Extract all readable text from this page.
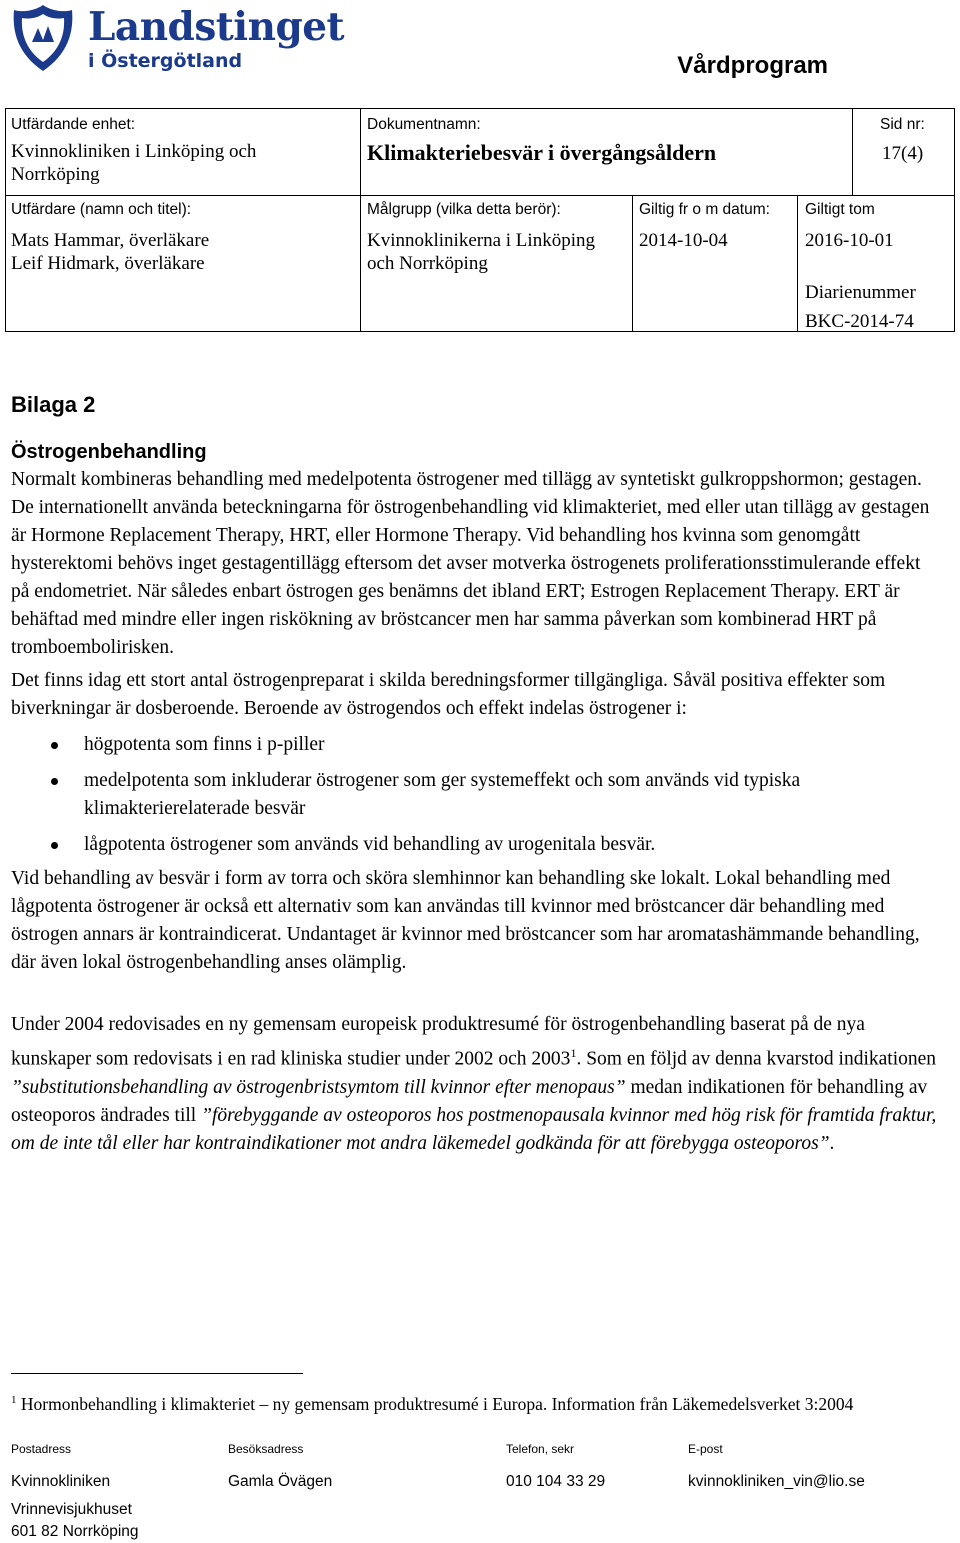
Landstinget
i Östergötland	Vårdprogram
Utfärdande enhet:
Kvinnokliniken i Linköping och
Norrköping
Dokumentnamn:
Klimakteriebesvär i övergångsåldern
Sid nr:
17(4)
Utfärdare (namn och titel):
Mats Hammar, överläkare
Leif Hidmark, överläkare
Målgrupp (vilka detta berör):
Kvinnoklinikerna i Linköping
och Norrköping
Giltig fr o m datum:
2014-10-04
Giltigt tom
2016-10-01
Diarienummer
BKC-2014-74

Bilaga 2

Östrogenbehandling

Normalt kombineras behandling med medelpotenta östrogener med tillägg av syntetiskt gulkroppshormon; gestagen. De internationellt använda beteckningarna för östrogenbehandling vid klimakteriet, med eller utan tillägg av gestagen är Hormone Replacement Therapy, HRT, eller Hormone Therapy. Vid behandling hos kvinna som genomgått hysterektomi behövs inget gestagentillägg eftersom det avser motverka östrogenets proliferationsstimulerande effekt på endometriet. När således enbart östrogen ges benämns det ibland ERT; Estrogen Replacement Therapy. ERT är behäftad med mindre eller ingen riskökning av bröstcancer men har samma påverkan som kombinerad HRT på tromboembolirisken.

Det finns idag ett stort antal östrogenpreparat i skilda beredningsformer tillgängliga. Såväl positiva effekter som biverkningar är dosberoende. Beroende av östrogendos och effekt indelas östrogener i:

högpotenta som finns i p-piller
medelpotenta som inkluderar östrogener som ger systemeffekt och som används vid typiska klimakterierelaterade besvär
lågpotenta östrogener som används vid behandling av urogenitala besvär.

Vid behandling av besvär i form av torra och sköra slemhinnor kan behandling ske lokalt. Lokal behandling med lågpotenta östrogener är också ett alternativ som kan användas till kvinnor med bröstcancer där behandling med östrogen annars är kontraindicerat. Undantaget är kvinnor med bröstcancer som har aromatashämmande behandling, där även lokal östrogenbehandling anses olämplig.

Under 2004 redovisades en ny gemensam europeisk produktresumé för östrogenbehandling baserat på de nya kunskaper som redovisats i en rad kliniska studier under 2002 och 2003$^1$. Som en följd av denna kvarstod indikationen ”substitutionsbehandling av östrogenbristsymtom till kvinnor efter menopaus” medan indikationen för behandling av osteoporos ändrades till ”förebyggande av osteoporos hos postmenopausala kvinnor med hög risk för framtida fraktur, om de inte tål eller har kontraindikationer mot andra läkemedel godkända för att förebygga osteoporos”.

$^1$ Hormonbehandling i klimakteriet – ny gemensam produktresumé i Europa. Information från Läkemedelsverket 3:2004
Postadress
Kvinnokliniken
Vrinnevisjukhuset
601 82 Norrköping
Besöksadress
Gamla Övägen
Telefon, sekr
010 104 33 29
E-post
kvinnokliniken_vin@lio.se
